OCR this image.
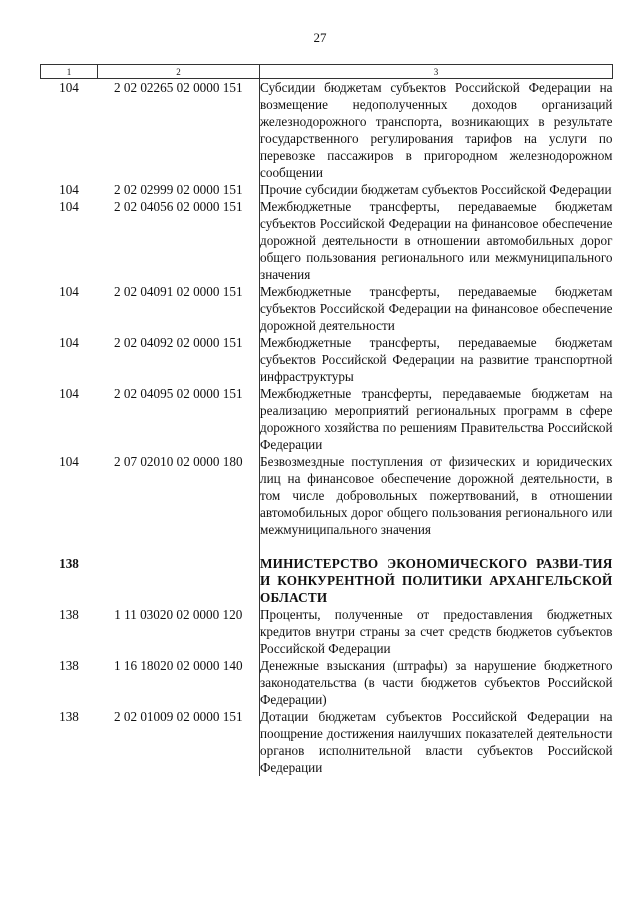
27
1	2	3
104	2 02 02265 02 0000 151	Субсидии бюджетам субъектов Российской Федерации на возмещение недополученных доходов организаций железнодорожного транспорта, возникающих в результате государственного регулирования тарифов на услуги по перевозке пассажиров в пригородном железнодорожном сообщении
104	2 02 02999 02 0000 151	Прочие субсидии бюджетам субъектов Российской Федерации
104	2 02 04056 02 0000 151	Межбюджетные трансферты, передаваемые бюджетам субъектов Российской Федерации на финансовое обеспечение дорожной деятельности в отношении автомобильных дорог общего пользования регионального или межмуниципального значения
104	2 02 04091 02 0000 151	Межбюджетные трансферты, передаваемые бюджетам субъектов Российской Федерации на финансовое обеспечение дорожной деятельности
104	2 02 04092 02 0000 151	Межбюджетные трансферты, передаваемые бюджетам субъектов Российской Федерации на развитие транспортной инфраструктуры
104	2 02 04095 02 0000 151	Межбюджетные трансферты, передаваемые бюджетам на реализацию мероприятий региональных программ в сфере дорожного хозяйства по решениям Правительства Российской Федерации
104	2 07 02010 02 0000 180	Безвозмездные поступления от физических и юридических лиц на финансовое обеспечение дорожной деятельности, в том числе добровольных пожертвований, в отношении автомобильных дорог общего пользования регионального или межмуниципального значения
138		МИНИСТЕРСТВО ЭКОНОМИЧЕСКОГО РАЗВИ-ТИЯ И КОНКУРЕНТНОЙ ПОЛИТИКИ АРХАНГЕЛЬСКОЙ ОБЛАСТИ
138	1 11 03020 02 0000 120	Проценты, полученные от предоставления бюджетных кредитов внутри страны за счет средств бюджетов субъектов Российской Федерации
138	1 16 18020 02 0000 140	Денежные взыскания (штрафы) за нарушение бюджетного законодательства (в части бюджетов субъектов Российской Федерации)
138	2 02 01009 02 0000 151	Дотации бюджетам субъектов Российской Федерации на поощрение достижения наилучших показателей деятельности органов исполнительной власти субъектов Российской Федерации
